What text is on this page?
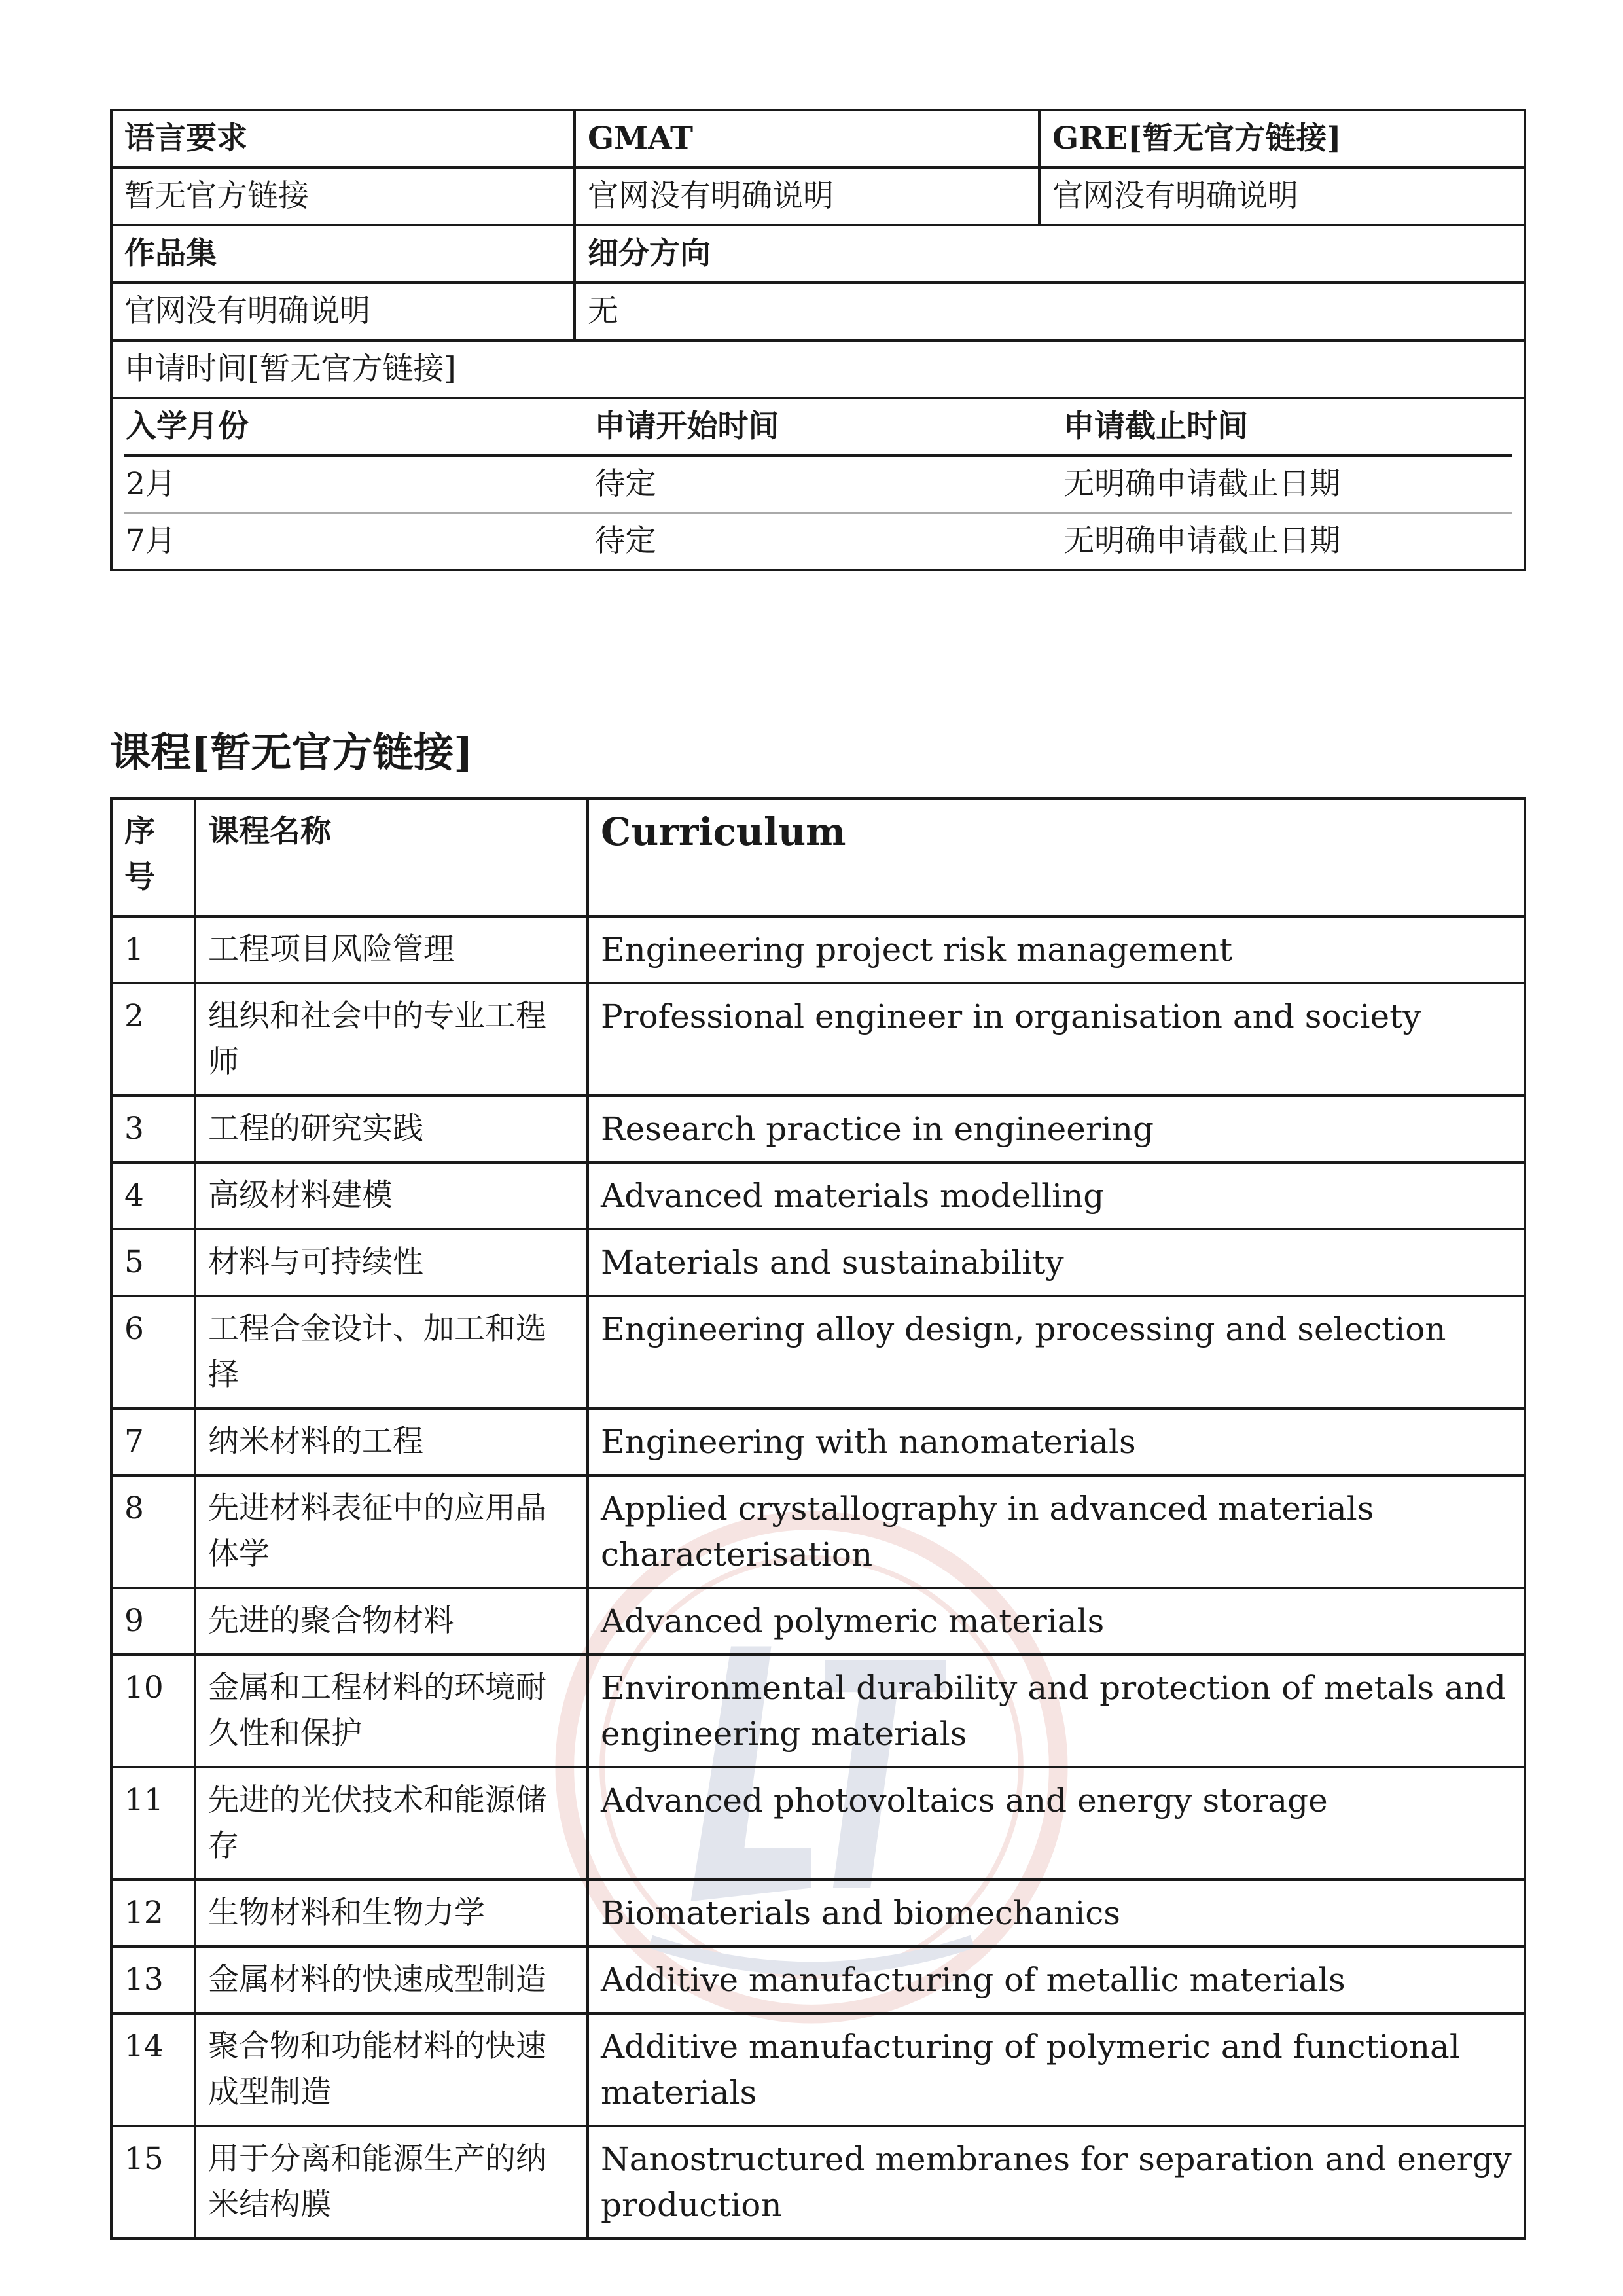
语言要求	GMAT	GRE[暂无官方链接]
暂无官方链接	官网没有明确说明	官网没有明确说明
作品集	细分方向
官网没有明确说明	无
申请时间[暂无官方链接]

入学月份	申请开始时间	申请截止时间
2月	待定	无明确申请截止日期
7月	待定	无明确申请截止日期
课程[暂无官方链接]
序号	课程名称	Curriculum
1	工程项目风险管理	Engineering project risk management
2	组织和社会中的专业工程师	Professional engineer in organisation and society
3	工程的研究实践	Research practice in engineering
4	高级材料建模	Advanced materials modelling
5	材料与可持续性	Materials and sustainability
6	工程合金设计、加工和选择	Engineering alloy design, processing and selection
7	纳米材料的工程	Engineering with nanomaterials
8	先进材料表征中的应用晶体学	Applied crystallography in advanced materials characterisation
9	先进的聚合物材料	Advanced polymeric materials
10	金属和工程材料的环境耐久性和保护	Environmental durability and protection of metals and engineering materials
11	先进的光伏技术和能源储存	Advanced photovoltaics and energy storage
12	生物材料和生物力学	Biomaterials and biomechanics
13	金属材料的快速成型制造	Additive manufacturing of metallic materials
14	聚合物和功能材料的快速成型制造	Additive manufacturing of polymeric and functional materials
15	用于分离和能源生产的纳米结构膜	Nanostructured membranes for separation and energy production
